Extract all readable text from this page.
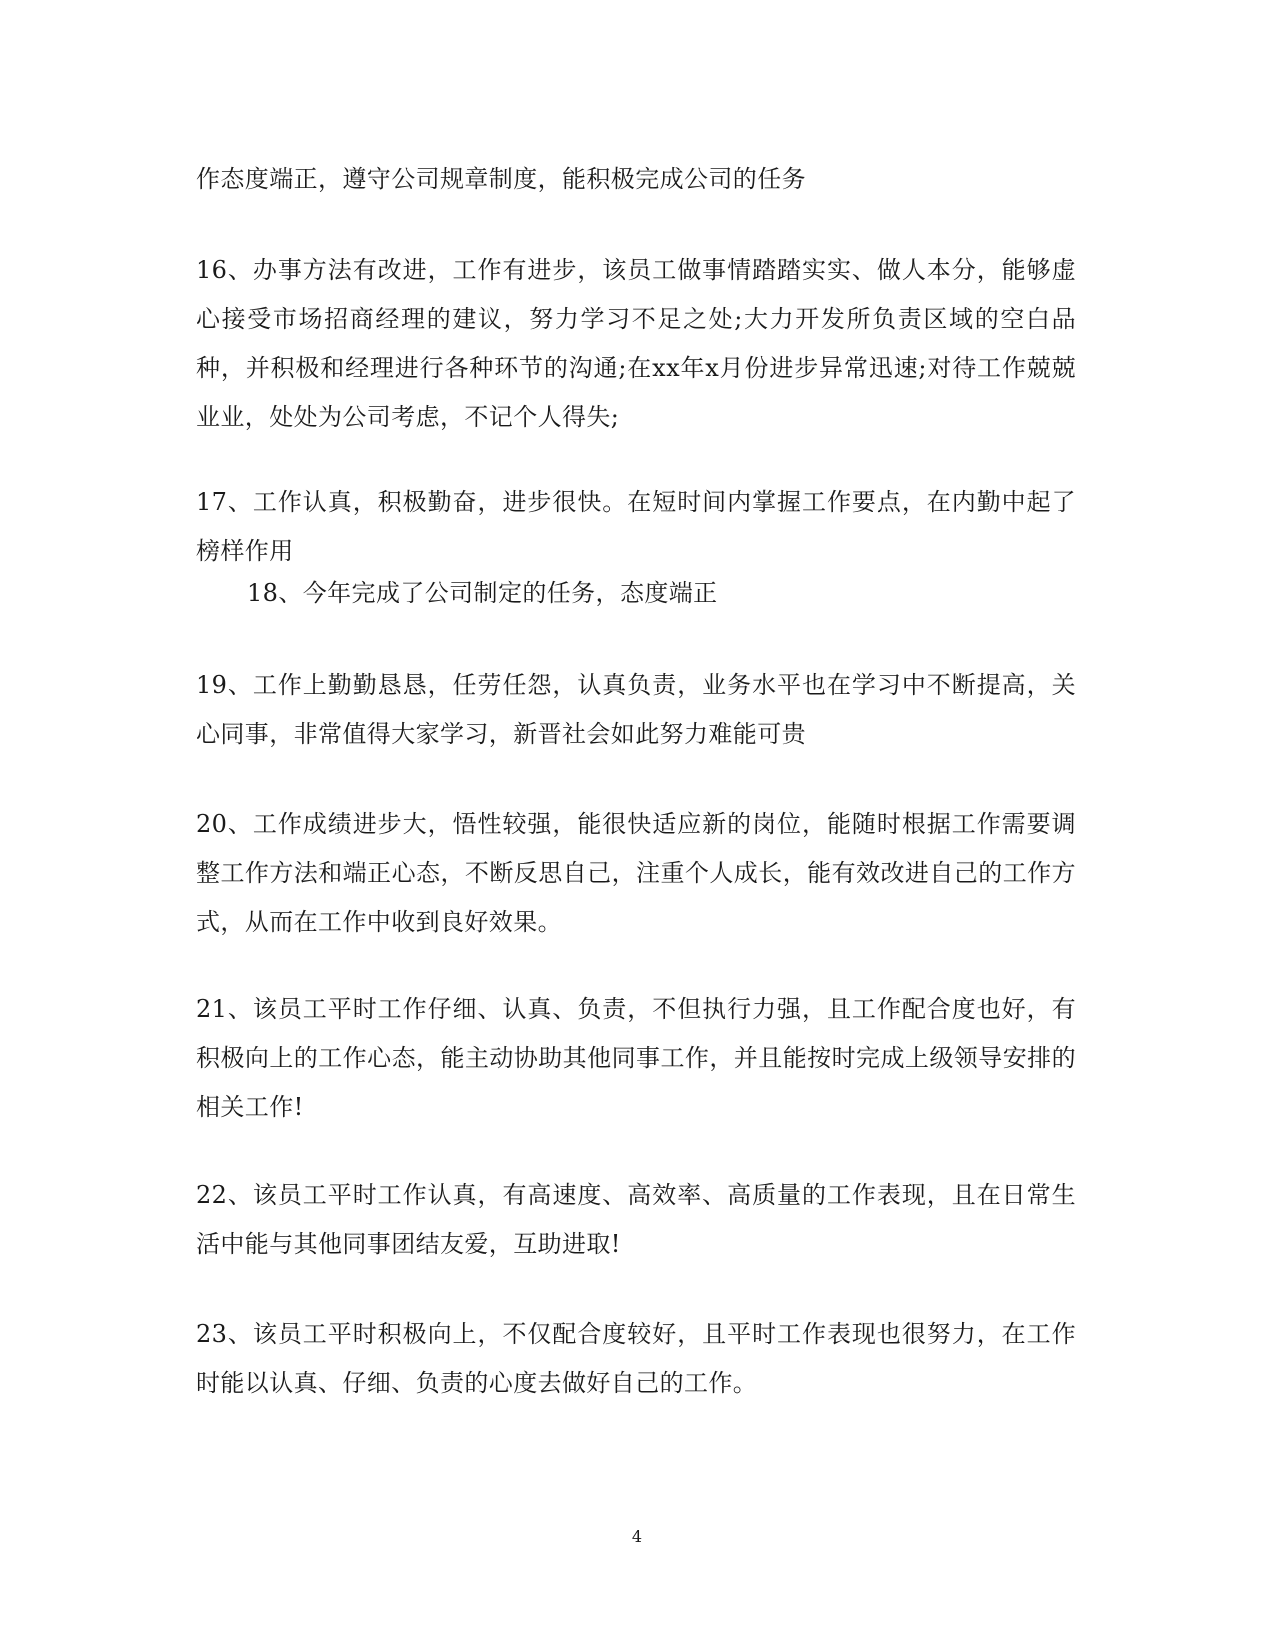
作态度端正，遵守公司规章制度，能积极完成公司的任务

16、办事方法有改进，工作有进步，该员工做事情踏踏实实、做人本分，能够虚心接受市场招商经理的建议，努力学习不足之处;大力开发所负责区域的空白品种，并积极和经理进行各种环节的沟通;在xx年x月份进步异常迅速;对待工作兢兢业业，处处为公司考虑，不记个人得失;

17、工作认真，积极勤奋，进步很快。在短时间内掌握工作要点，在内勤中起了榜样作用

18、今年完成了公司制定的任务，态度端正

19、工作上勤勤恳恳，任劳任怨，认真负责，业务水平也在学习中不断提高，关心同事，非常值得大家学习，新晋社会如此努力难能可贵

20、工作成绩进步大，悟性较强，能很快适应新的岗位，能随时根据工作需要调整工作方法和端正心态，不断反思自己，注重个人成长，能有效改进自己的工作方式，从而在工作中收到良好效果。

21、该员工平时工作仔细、认真、负责，不但执行力强，且工作配合度也好，有积极向上的工作心态，能主动协助其他同事工作，并且能按时完成上级领导安排的相关工作!

22、该员工平时工作认真，有高速度、高效率、高质量的工作表现，且在日常生活中能与其他同事团结友爱，互助进取!

23、该员工平时积极向上，不仅配合度较好，且平时工作表现也很努力，在工作时能以认真、仔细、负责的心度去做好自己的工作。

4
